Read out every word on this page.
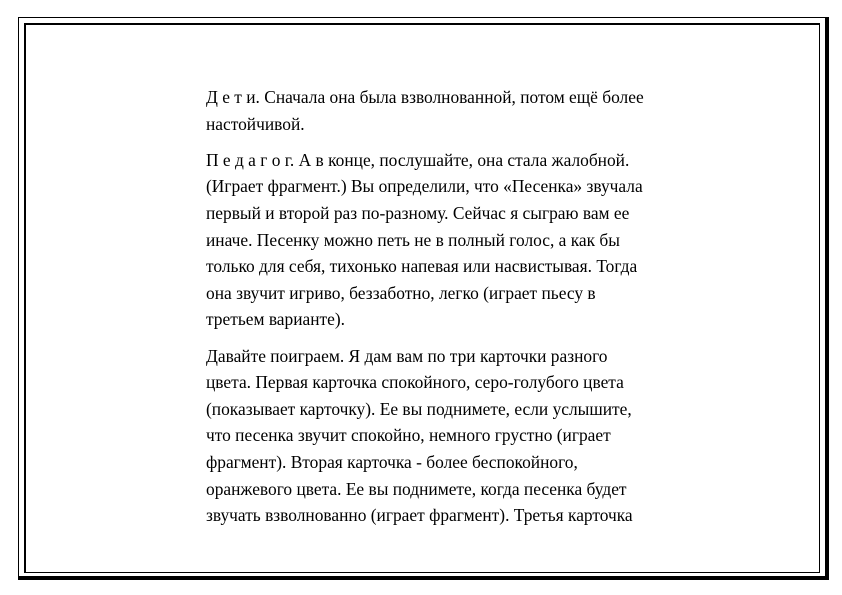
Д е т и. Сначала она была взволнованной, потом ещё более
настойчивой.

П е д а г о г. А в конце, послушайте, она стала жалобной.
(Играет фрагмент.) Вы определили, что «Песенка» звучала
первый и второй раз по-разному. Сейчас я сыграю вам ее
иначе. Песенку можно петь не в полный голос, а как бы
только для себя, тихонько напевая или насвистывая. Тогда
она звучит игриво, беззаботно, легко (играет пьесу в
третьем варианте).

Давайте поиграем. Я дам вам по три карточки разного
цвета. Первая карточка спокойного, серо-голубого цвета
(показывает карточку). Ее вы поднимете, если услышите,
что песенка звучит спокойно, немного грустно (играет
фрагмент). Вторая карточка - более беспокойного,
оранжевого цвета. Ее вы поднимете, когда песенка будет
звучать взволнованно (играет фрагмент). Третья карточка
